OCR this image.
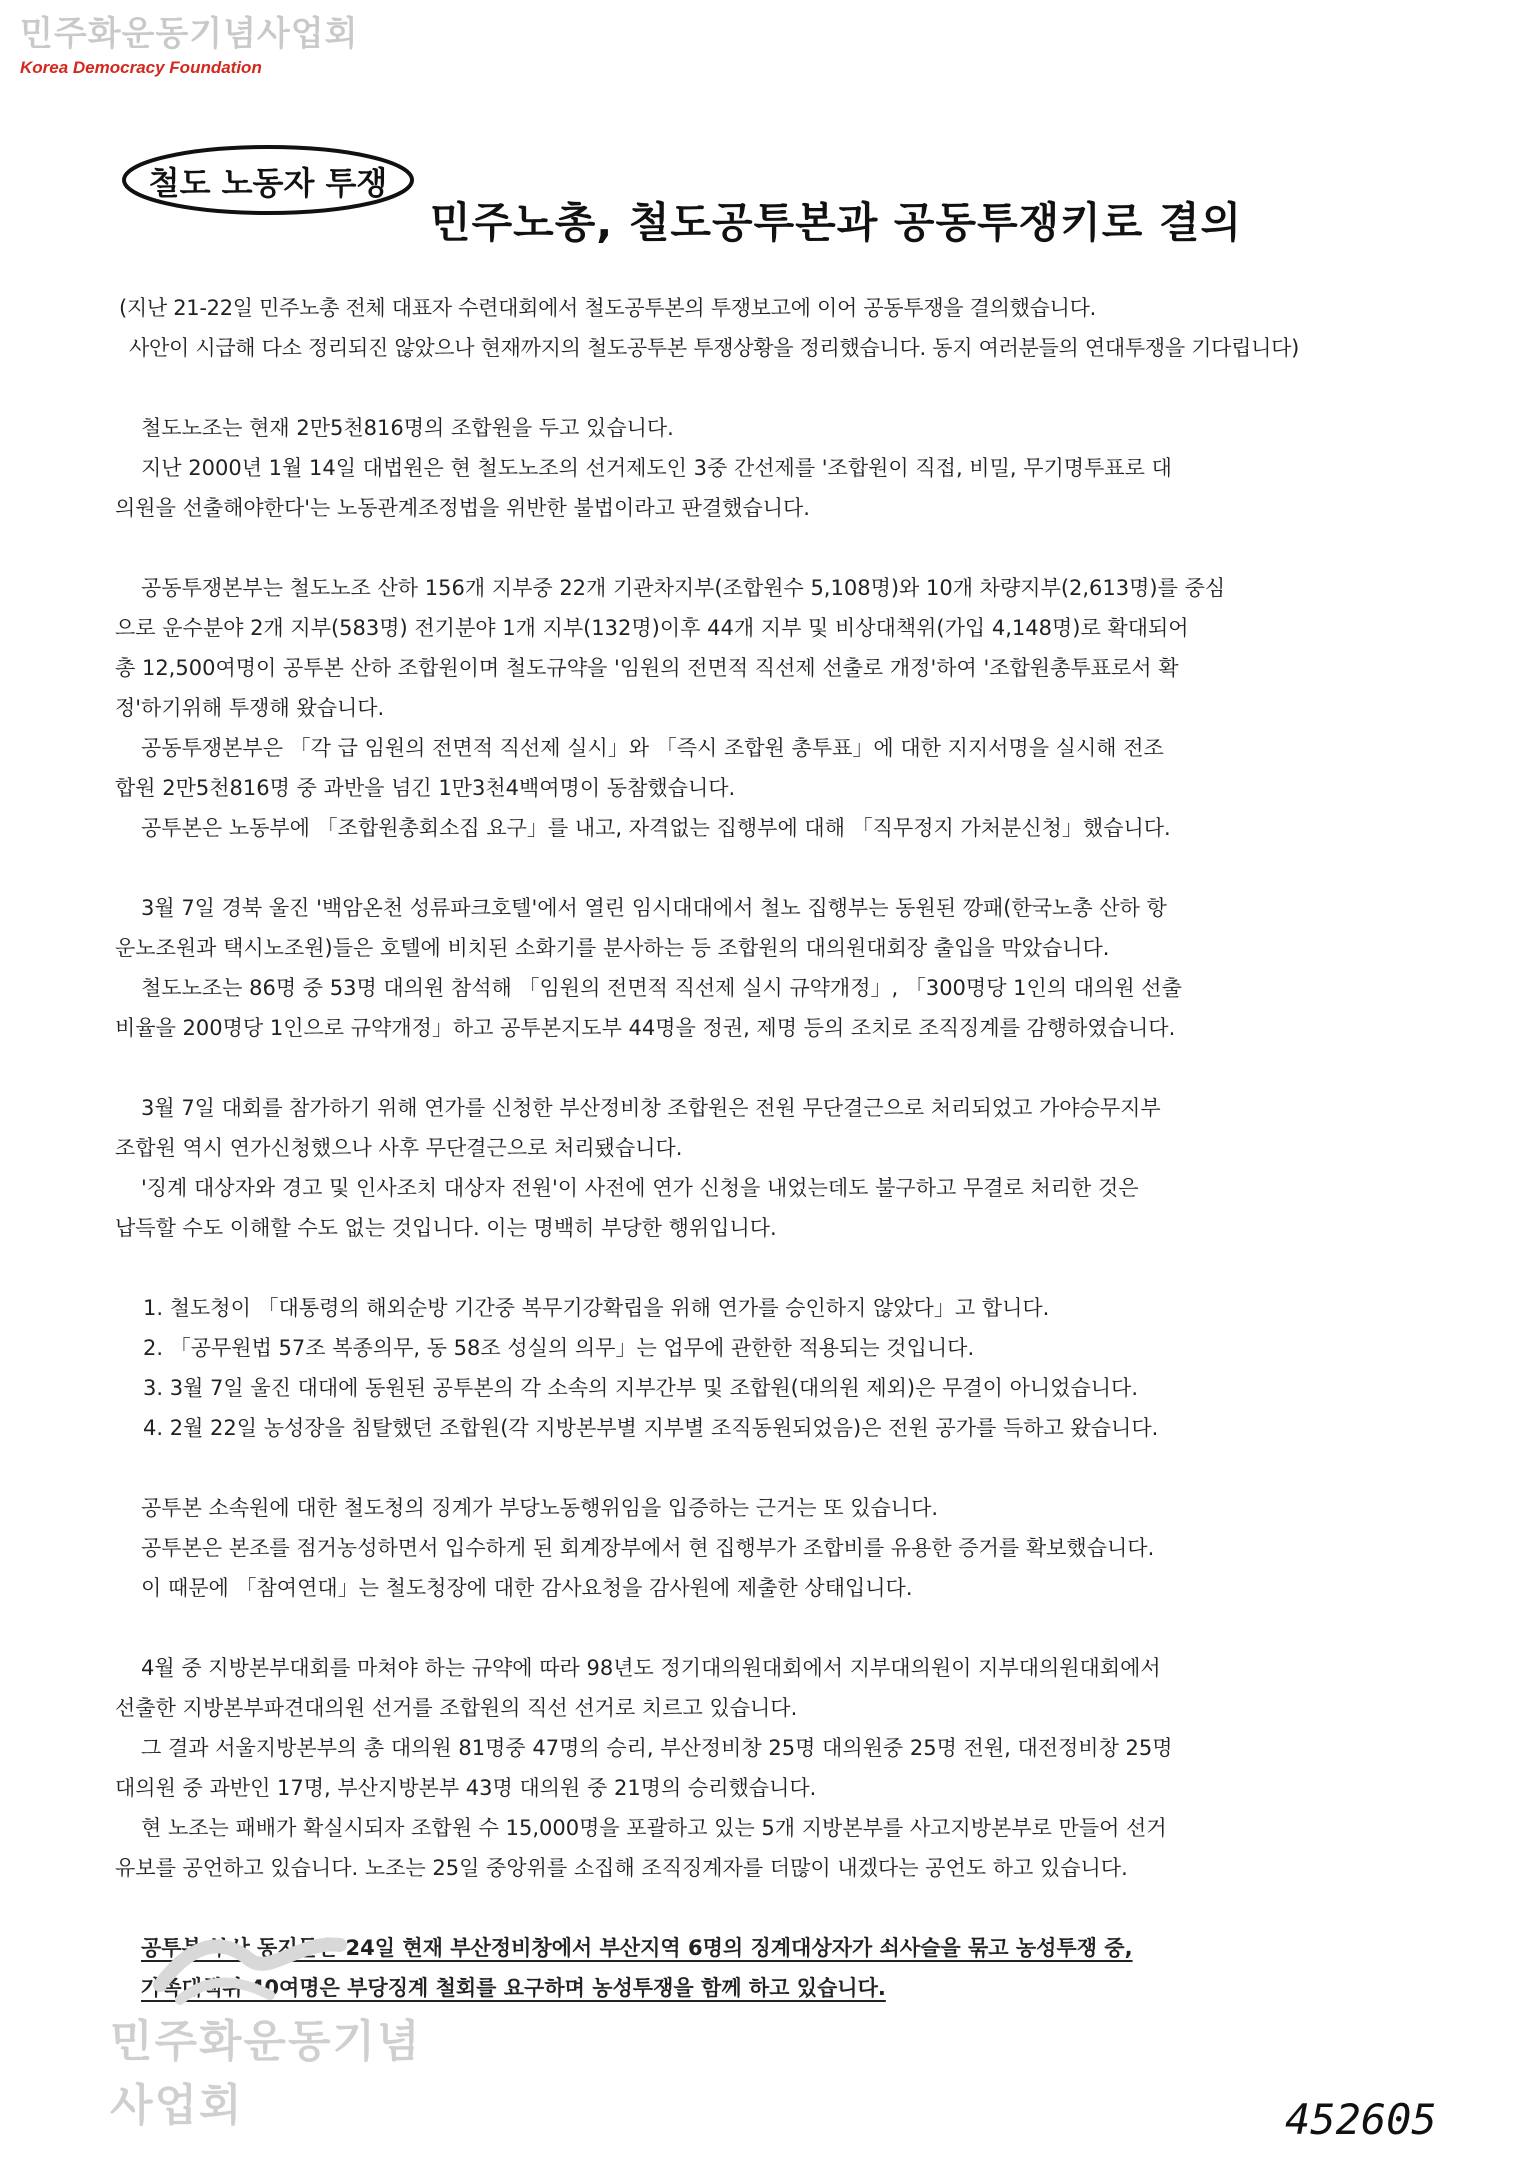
민주화운동기념사업회
Korea Democracy Foundation
철도 노동자 투쟁
민주노총, 철도공투본과 공동투쟁키로 결의

(지난 21-22일 민주노총 전체 대표자 수련대회에서 철도공투본의 투쟁보고에 이어 공동투쟁을 결의했습니다.

사안이 시급해 다소 정리되진 않았으나 현재까지의 철도공투본 투쟁상황을 정리했습니다. 동지 여러분들의 연대투쟁을 기다립니다)

철도노조는 현재 2만5천816명의 조합원을 두고 있습니다.

지난 2000년 1월 14일 대법원은 현 철도노조의 선거제도인 3중 간선제를 '조합원이 직접, 비밀, 무기명투표로 대

의원을 선출해야한다'는 노동관계조정법을 위반한 불법이라고 판결했습니다.

공동투쟁본부는 철도노조 산하 156개 지부중 22개 기관차지부(조합원수 5,108명)와 10개 차량지부(2,613명)를 중심

으로 운수분야 2개 지부(583명) 전기분야 1개 지부(132명)이후 44개 지부 및 비상대책위(가입 4,148명)로 확대되어

총 12,500여명이 공투본 산하 조합원이며 철도규약을 '임원의 전면적 직선제 선출로 개정'하여 '조합원총투표로서 확

정'하기위해 투쟁해 왔습니다.

공동투쟁본부은 「각 급 임원의 전면적 직선제 실시」와 「즉시 조합원 총투표」에 대한 지지서명을 실시해 전조

합원 2만5천816명 중 과반을 넘긴 1만3천4백여명이 동참했습니다.

공투본은 노동부에 「조합원총회소집 요구」를 내고, 자격없는 집행부에 대해 「직무정지 가처분신청」했습니다.

3월 7일 경북 울진 '백암온천 성류파크호텔'에서 열린 임시대대에서 철노 집행부는 동원된 깡패(한국노총 산하 항

운노조원과 택시노조원)들은 호텔에 비치된 소화기를 분사하는 등 조합원의 대의원대회장 출입을 막았습니다.

철도노조는 86명 중 53명 대의원 참석해 「임원의 전면적 직선제 실시 규약개정」, 「300명당 1인의 대의원 선출

비율을 200명당 1인으로 규약개정」하고 공투본지도부 44명을 정권, 제명 등의 조치로 조직징계를 감행하였습니다.

3월 7일 대회를 참가하기 위해 연가를 신청한 부산정비창 조합원은 전원 무단결근으로 처리되었고 가야승무지부

조합원 역시 연가신청했으나 사후 무단결근으로 처리됐습니다.

'징계 대상자와 경고 및 인사조치 대상자 전원'이 사전에 연가 신청을 내었는데도 불구하고 무결로 처리한 것은

납득할 수도 이해할 수도 없는 것입니다. 이는 명백히 부당한 행위입니다.

1. 철도청이 「대통령의 해외순방 기간중 복무기강확립을 위해 연가를 승인하지 않았다」고 합니다.

2. 「공무원법 57조 복종의무, 동 58조 성실의 의무」는 업무에 관한한 적용되는 것입니다.

3. 3월 7일 울진 대대에 동원된 공투본의 각 소속의 지부간부 및 조합원(대의원 제외)은 무결이 아니었습니다.

4. 2월 22일 농성장을 침탈했던 조합원(각 지방본부별 지부별 조직동원되었음)은 전원 공가를 득하고 왔습니다.

공투본 소속원에 대한 철도청의 징계가 부당노동행위임을 입증하는 근거는 또 있습니다.

공투본은 본조를 점거농성하면서 입수하게 된 회계장부에서 현 집행부가 조합비를 유용한 증거를 확보했습니다.

이 때문에 「참여연대」는 철도청장에 대한 감사요청을 감사원에 제출한 상태입니다.

4월 중 지방본부대회를 마쳐야 하는 규약에 따라 98년도 정기대의원대회에서 지부대의원이 지부대의원대회에서

선출한 지방본부파견대의원 선거를 조합원의 직선 선거로 치르고 있습니다.

그 결과 서울지방본부의 총 대의원 81명중 47명의 승리, 부산정비창 25명 대의원중 25명 전원, 대전정비창 25명

대의원 중 과반인 17명, 부산지방본부 43명 대의원 중 21명의 승리했습니다.

현 노조는 패배가 확실시되자 조합원 수 15,000명을 포괄하고 있는 5개 지방본부를 사고지방본부로 만들어 선거

유보를 공언하고 있습니다. 노조는 25일 중앙위를 소집해 조직징계자를 더많이 내겠다는 공언도 하고 있습니다.

공투본 부산 동지들은 24일 현재 부산정비창에서 부산지역 6명의 징계대상자가 쇠사슬을 묶고 농성투쟁 중,

가족대책위 40여명은 부당징계 철회를 요구하며 농성투쟁을 함께 하고 있습니다.

민주화운동기념사업회	452605
